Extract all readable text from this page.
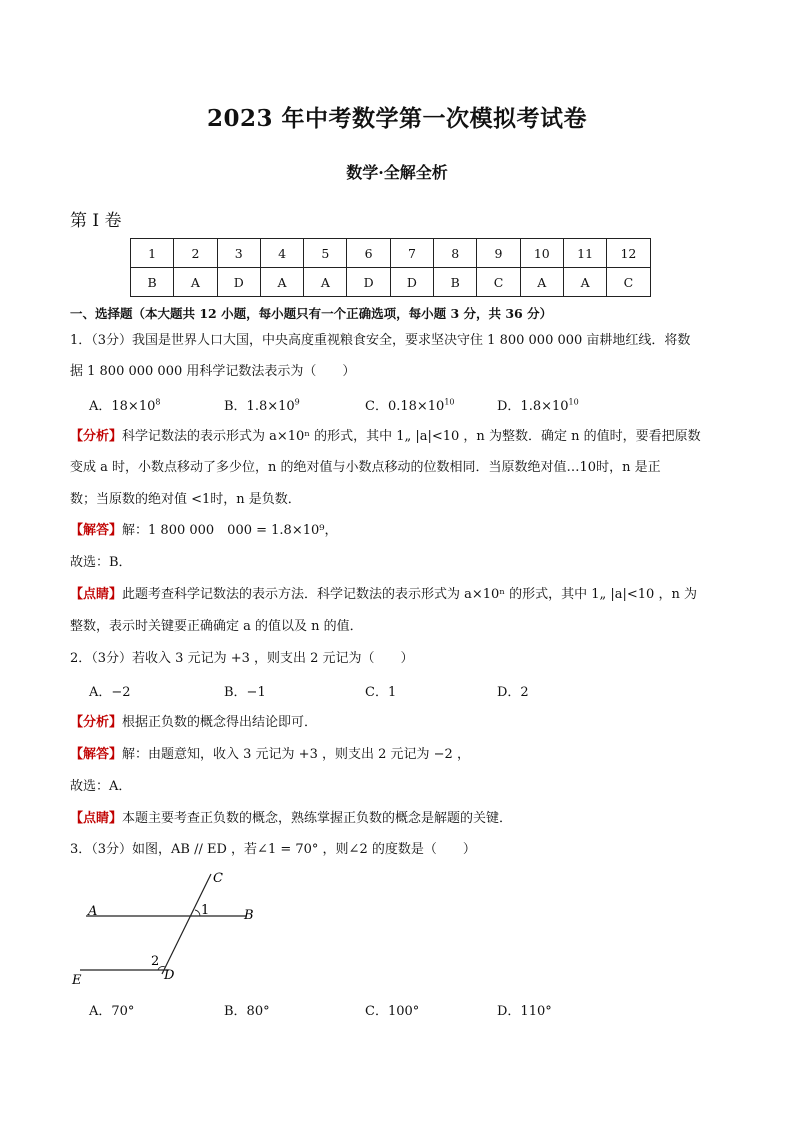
2023 年中考数学第一次模拟考试卷
数学·全解全析
第 I 卷
1	2	3	4	5	6	7	8	9	10	11	12
B	A	D	A	A	D	D	B	C	A	A	C
一、选择题（本大题共 12 小题，每小题只有一个正确选项，每小题 3 分，共 36 分）
1．（3分）我国是世界人口大国，中央高度重视粮食安全，要求坚决守住 1 800 000 000 亩耕地红线．将数
据 1 800 000 000 用科学记数法表示为（　　）
A．$18\times 10^8$	B．$1.8\times 10^9$	C．$0.18\times 10^{10}$	D．$1.8\times 10^{10}$
【分析】科学记数法的表示形式为 a×10ⁿ 的形式，其中 1„ |a|<10 ，n 为整数．确定 n 的值时，要看把原数
变成 a 时，小数点移动了多少位，n 的绝对值与小数点移动的位数相同．当原数绝对值…10时，n 是正
数；当原数的绝对值 <1时，n 是负数．
【解答】解：1 800 000　000 = 1.8×10⁹，
故选：B．
【点睛】此题考查科学记数法的表示方法．科学记数法的表示形式为 a×10ⁿ 的形式，其中 1„ |a|<10 ，n 为
整数，表示时关键要正确确定 a 的值以及 n 的值．
2．（3分）若收入 3 元记为 +3 ，则支出 2 元记为（　　）
A．−2	B．−1	C．1	D．2
【分析】根据正负数的概念得出结论即可．
【解答】解：由题意知，收入 3 元记为 +3 ，则支出 2 元记为 −2 ，
故选：A．
【点睛】本题主要考查正负数的概念，熟练掌握正负数的概念是解题的关键．
3．（3分）如图，AB // ED ，若∠1 = 70° ，则∠2 的度数是（　　）
A	B
C
D
E
1
2
A．70°	B．80°	C．100°	D．110°
